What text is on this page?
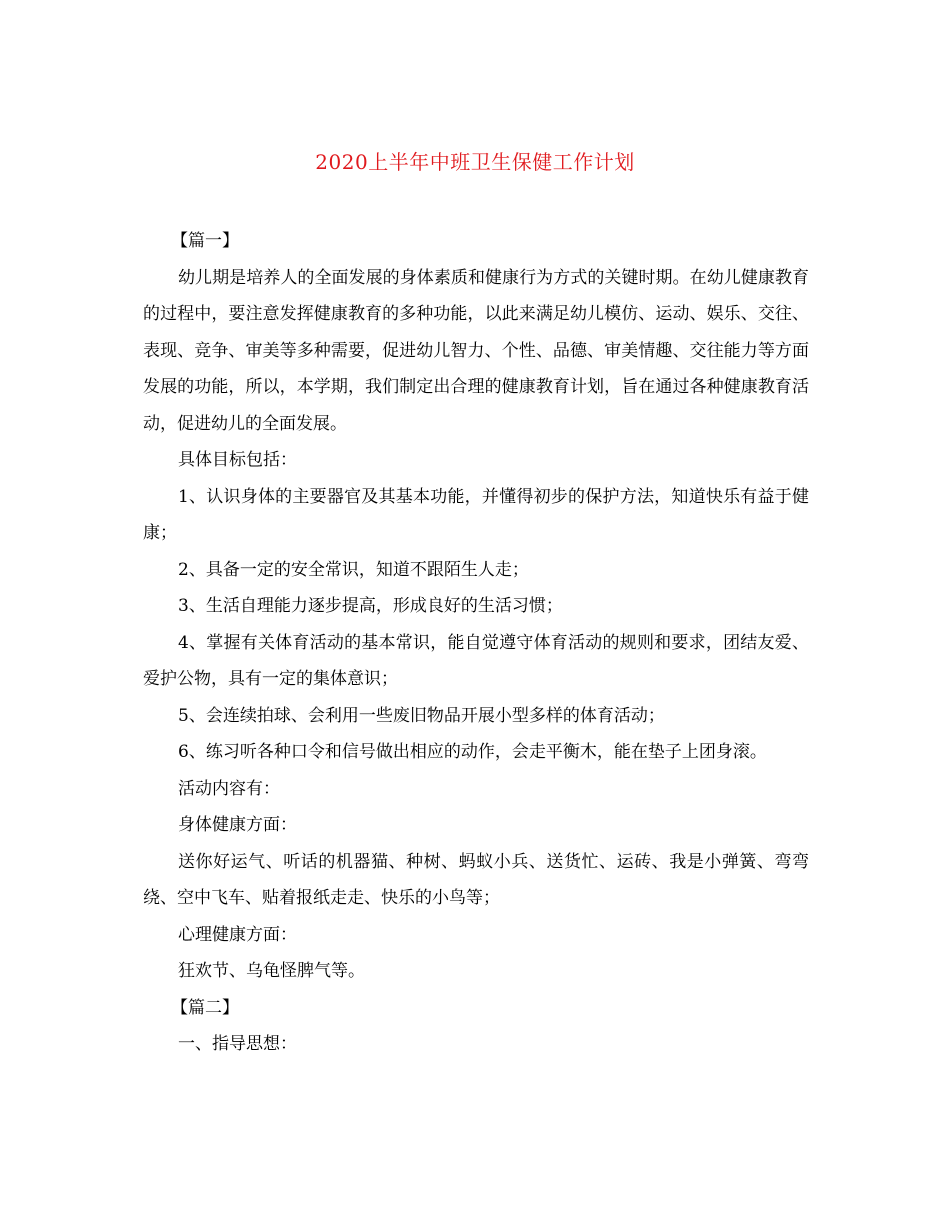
2020上半年中班卫生保健工作计划

【篇一】

幼儿期是培养人的全面发展的身体素质和健康行为方式的关键时期。在幼儿健康教育的过程中，要注意发挥健康教育的多种功能，以此来满足幼儿模仿、运动、娱乐、交往、表现、竞争、审美等多种需要，促进幼儿智力、个性、品德、审美情趣、交往能力等方面发展的功能，所以，本学期，我们制定出合理的健康教育计划，旨在通过各种健康教育活动，促进幼儿的全面发展。

具体目标包括：

1、认识身体的主要器官及其基本功能，并懂得初步的保护方法，知道快乐有益于健康；

2、具备一定的安全常识，知道不跟陌生人走；

3、生活自理能力逐步提高，形成良好的生活习惯；

4、掌握有关体育活动的基本常识，能自觉遵守体育活动的规则和要求，团结友爱、爱护公物，具有一定的集体意识；

5、会连续拍球、会利用一些废旧物品开展小型多样的体育活动；

6、练习听各种口令和信号做出相应的动作，会走平衡木，能在垫子上团身滚。

活动内容有：

身体健康方面：

送你好运气、听话的机器猫、种树、蚂蚁小兵、送货忙、运砖、我是小弹簧、弯弯绕、空中飞车、贴着报纸走走、快乐的小鸟等；

心理健康方面：

狂欢节、乌龟怪脾气等。

【篇二】

一、指导思想：
